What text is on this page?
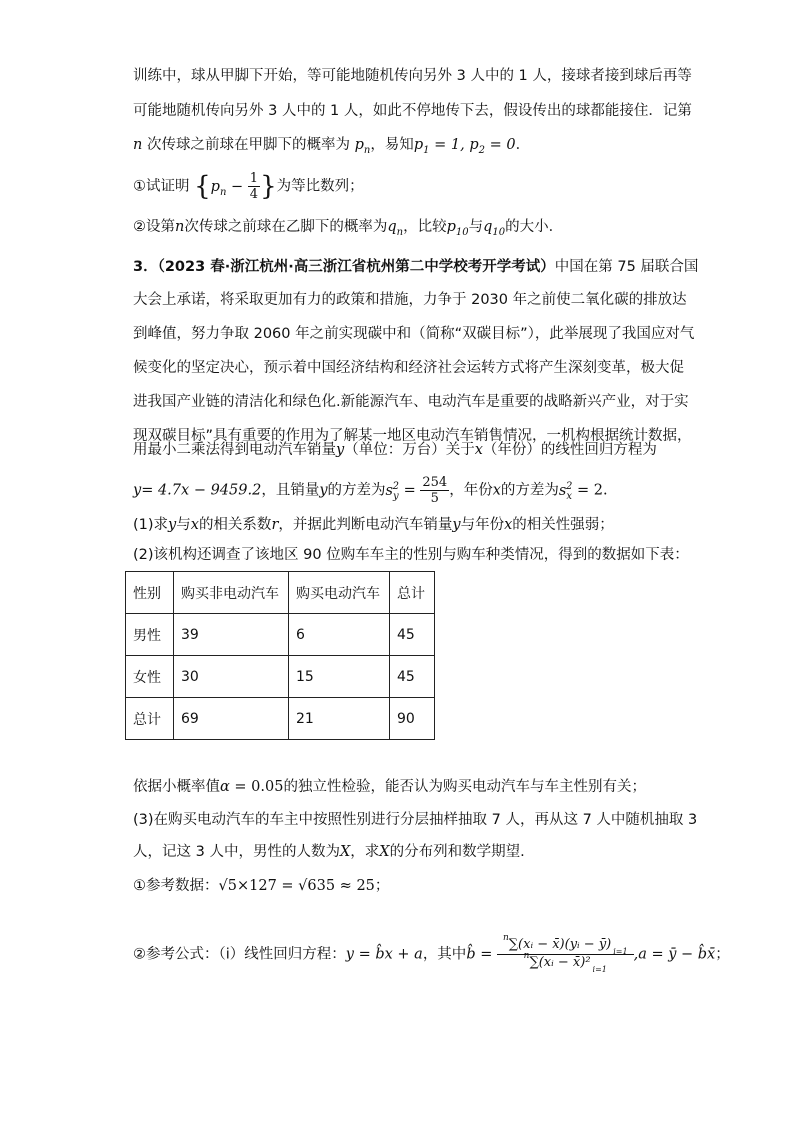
训练中，球从甲脚下开始，等可能地随机传向另外 3 人中的 1 人，接球者接到球后再等
可能地随机传向另外 3 人中的 1 人，如此不停地传下去，假设传出的球都能接住．记第
n 次传球之前球在甲脚下的概率为 $p_n$，易知$p_1 = 1$, $p_2 = 0$．
①试证明 {$p_n - \frac{1}{4}$ }为等比数列；
②设第n次传球之前球在乙脚下的概率为$q_n$，比较$p_{10}$与$q_{10}$的大小．
3．（2023 春·浙江杭州·高三浙江省杭州第二中学校考开学考试）中国在第 75 届联合国
大会上承诺，将采取更加有力的政策和措施，力争于 2030 年之前使二氧化碳的排放达
到峰值，努力争取 2060 年之前实现碳中和（简称“双碳目标”），此举展现了我国应对气
候变化的坚定决心，预示着中国经济结构和经济社会运转方式将产生深刻变革，极大促
进我国产业链的清洁化和绿色化.新能源汽车、电动汽车是重要的战略新兴产业，对于实
现双碳目标”具有重要的作用为了解某一地区电动汽车销售情况，一机构根据统计数据，
用最小二乘法得到电动汽车销量y（单位：万台）关于x（年份）的线性回归方程为
y= 4.7x − 9459.2，且销量y的方差为$s_y^2 = \frac{254}{5}$ ，年份x的方差为$s_x^2 = 2$.
(1)求y与x的相关系数r，并据此判断电动汽车销量y与年份x的相关性强弱；
(2)该机构还调查了该地区 90 位购车车主的性别与购车种类情况，得到的数据如下表：
性别	购买非电动汽车	购买电动汽车	总计
男性	39	6	45
女性	30	15	45
总计	69	21	90
依据小概率值α = 0.05的独立性检验，能否认为购买电动汽车与车主性别有关；
(3)在购买电动汽车的车主中按照性别进行分层抽样抽取 7 人，再从这 7 人中随机抽取 3
人，记这 3 人中，男性的人数为X，求X的分布列和数学期望.
①参考数据：√5×127 = √635 ≈ 25；
②参考公式：（i）线性回归方程：y = b̂x + a，其中b̂ = $\frac{^n\sum(xᵢ - x̄)(yᵢ - ȳ) _{i=1}}{^n\sum(xᵢ - x̄)^2 _{i=1}} ,a$ = ȳ − b̂x̄；
